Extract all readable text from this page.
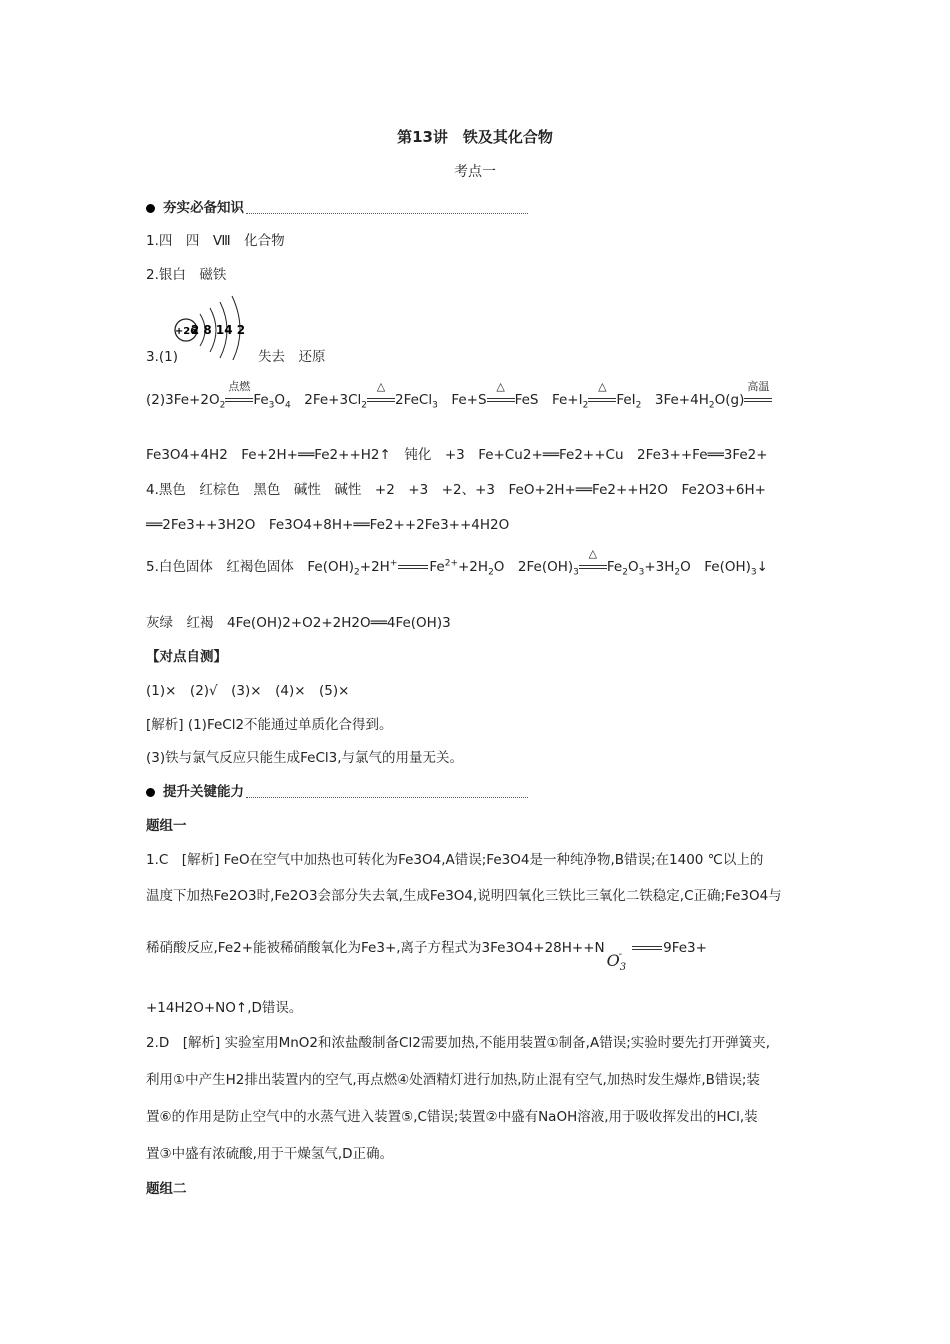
第13讲　铁及其化合物
考点一
夯实必备知识
1.四　四　Ⅷ　化合物
2.银白　磁铁
+26
2 8 14 2
3.(1)	失去　还原
$(2)3Fe+2O_2$
点燃
$Fe_3O_4$　$2Fe+3Cl_2$
△
2FeCl$_3$　Fe+S
△
FeS　$Fe+I_2$
△
FeI$_2$　$3Fe+4H_2O(g)$
高温
Fe3O4+4H2　Fe+2H+══Fe2++H2↑　钝化　+3　Fe+Cu2+══Fe2++Cu　2Fe3++Fe══3Fe2+
4.黑色　红棕色　黑色　碱性　碱性　+2　+3　+2、+3　FeO+2H+══Fe2++H2O　Fe2O3+6H+
══2Fe3++3H2O　Fe3O4+8H+══Fe2++2Fe3++4H2O
5.白色固体　红褐色固体　$Fe(OH)_2+2H^+$ $Fe^{2+}+2H_2O$　$2Fe(OH)_3$
△
$Fe_2O_3+3H_2O$　$Fe(OH)_3↓$
灰绿　红褐　4Fe(OH)2+O2+2H2O══4Fe(OH)3
【对点自测】
(1)×　(2)√　(3)×　(4)×　(5)×
[解析] (1)FeCl2不能通过单质化合得到。
(3)铁与氯气反应只能生成FeCl3,与氯气的用量无关。
提升关键能力
题组一
1.C　[解析] FeO在空气中加热也可转化为Fe3O4,A错误;Fe3O4是一种纯净物,B错误;在1400 ℃以上的
温度下加热Fe2O3时,Fe2O3会部分失去氧,生成Fe3O4,说明四氧化三铁比三氧化二铁稳定,C正确;Fe3O4与
稀硝酸反应,Fe2+能被稀硝酸氧化为Fe3+,离子方程式为$3Fe3O4+28H++NO_3$
-	9Fe3+
+14H2O+NO↑,D错误。
2.D　[解析] 实验室用MnO2和浓盐酸制备Cl2需要加热,不能用装置①制备,A错误;实验时要先打开弹簧夹,
利用①中产生H2排出装置内的空气,再点燃④处酒精灯进行加热,防止混有空气,加热时发生爆炸,B错误;装
置⑥的作用是防止空气中的水蒸气进入装置⑤,C错误;装置②中盛有NaOH溶液,用于吸收挥发出的HCl,装
置③中盛有浓硫酸,用于干燥氢气,D正确。
题组二
